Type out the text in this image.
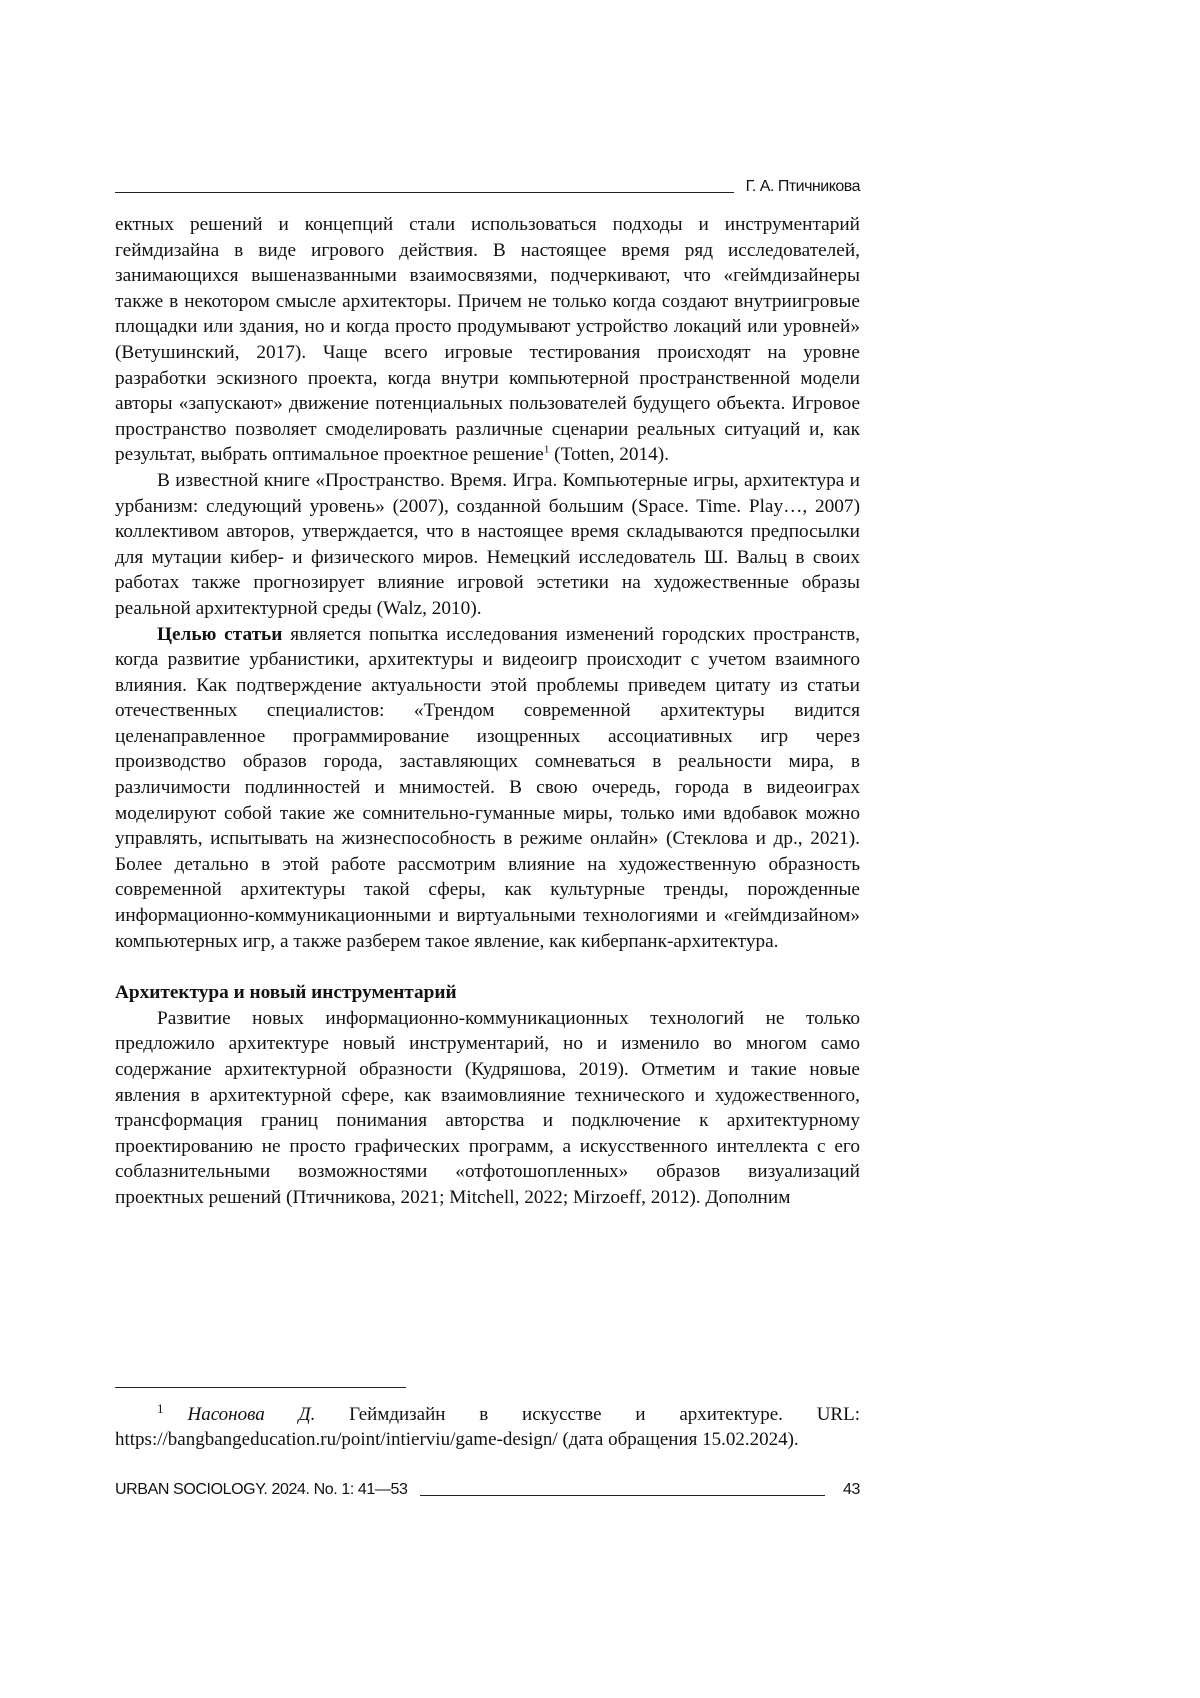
Г. А. Птичникова

ектных решений и концепций стали использоваться подходы и инструментарий геймдизайна в виде игрового действия. В настоящее время ряд исследователей, занимающихся вышеназванными взаимосвязями, подчеркивают, что «геймдизайнеры также в некотором смысле архитекторы. Причем не только когда создают внутриигровые площадки или здания, но и когда просто продумывают устройство локаций или уровней» (Ветушинский, 2017). Чаще всего игровые тестирования происходят на уровне разработки эскизного проекта, когда внутри компьютерной пространственной модели авторы «запускают» движение потенциальных пользователей будущего объекта. Игровое пространство позволяет смоделировать различные сценарии реальных ситуаций и, как результат, выбрать оптимальное проектное решение$^1$ (Totten, 2014).

В известной книге «Пространство. Время. Игра. Компьютерные игры, архитектура и урбанизм: следующий уровень» (2007), созданной большим (Space. Time. Play…, 2007) коллективом авторов, утверждается, что в настоящее время складываются предпосылки для мутации кибер- и физического миров. Немецкий исследователь Ш. Вальц в своих работах также прогнозирует влияние игровой эстетики на художественные образы реальной архитектурной среды (Walz, 2010).

Целью статьи является попытка исследования изменений городских пространств, когда развитие урбанистики, архитектуры и видеоигр происходит с учетом взаимного влияния. Как подтверждение актуальности этой проблемы приведем цитату из статьи отечественных специалистов: «Трендом современной архитектуры видится целенаправленное программирование изощренных ассоциативных игр через производство образов города, заставляющих сомневаться в реальности мира, в различимости подлинностей и мнимостей. В свою очередь, города в видеоиграх моделируют собой такие же сомнительно-гуманные миры, только ими вдобавок можно управлять, испытывать на жизнеспособность в режиме онлайн» (Стеклова и др., 2021). Более детально в этой работе рассмотрим влияние на художественную образность современной архитектуры такой сферы, как культурные тренды, порожденные информационно-коммуникационными и виртуальными технологиями и «геймдизайном» компьютерных игр, а также разберем такое явление, как киберпанк-архитектура.

Архитектура и новый инструментарий

Развитие новых информационно-коммуникационных технологий не только предложило архитектуре новый инструментарий, но и изменило во многом само содержание архитектурной образности (Кудряшова, 2019). Отметим и такие новые явления в архитектурной сфере, как взаимовлияние технического и художественного, трансформация границ понимания авторства и подключение к архитектурному проектированию не просто графических программ, а искусственного интеллекта с его соблазнительными возможностями «отфотошопленных» образов визуализаций проектных решений (Птичникова, 2021; Mitchell, 2022; Mirzoeff, 2012). Дополним

$^1$ Насонова Д. Геймдизайн в искусстве и архитектуре. URL: https://bangbangeducation.ru/point/intierviu/game-design/ (дата обращения 15.02.2024).

URBAN SOCIOLOGY. 2024. No. 1: 41—53	43
